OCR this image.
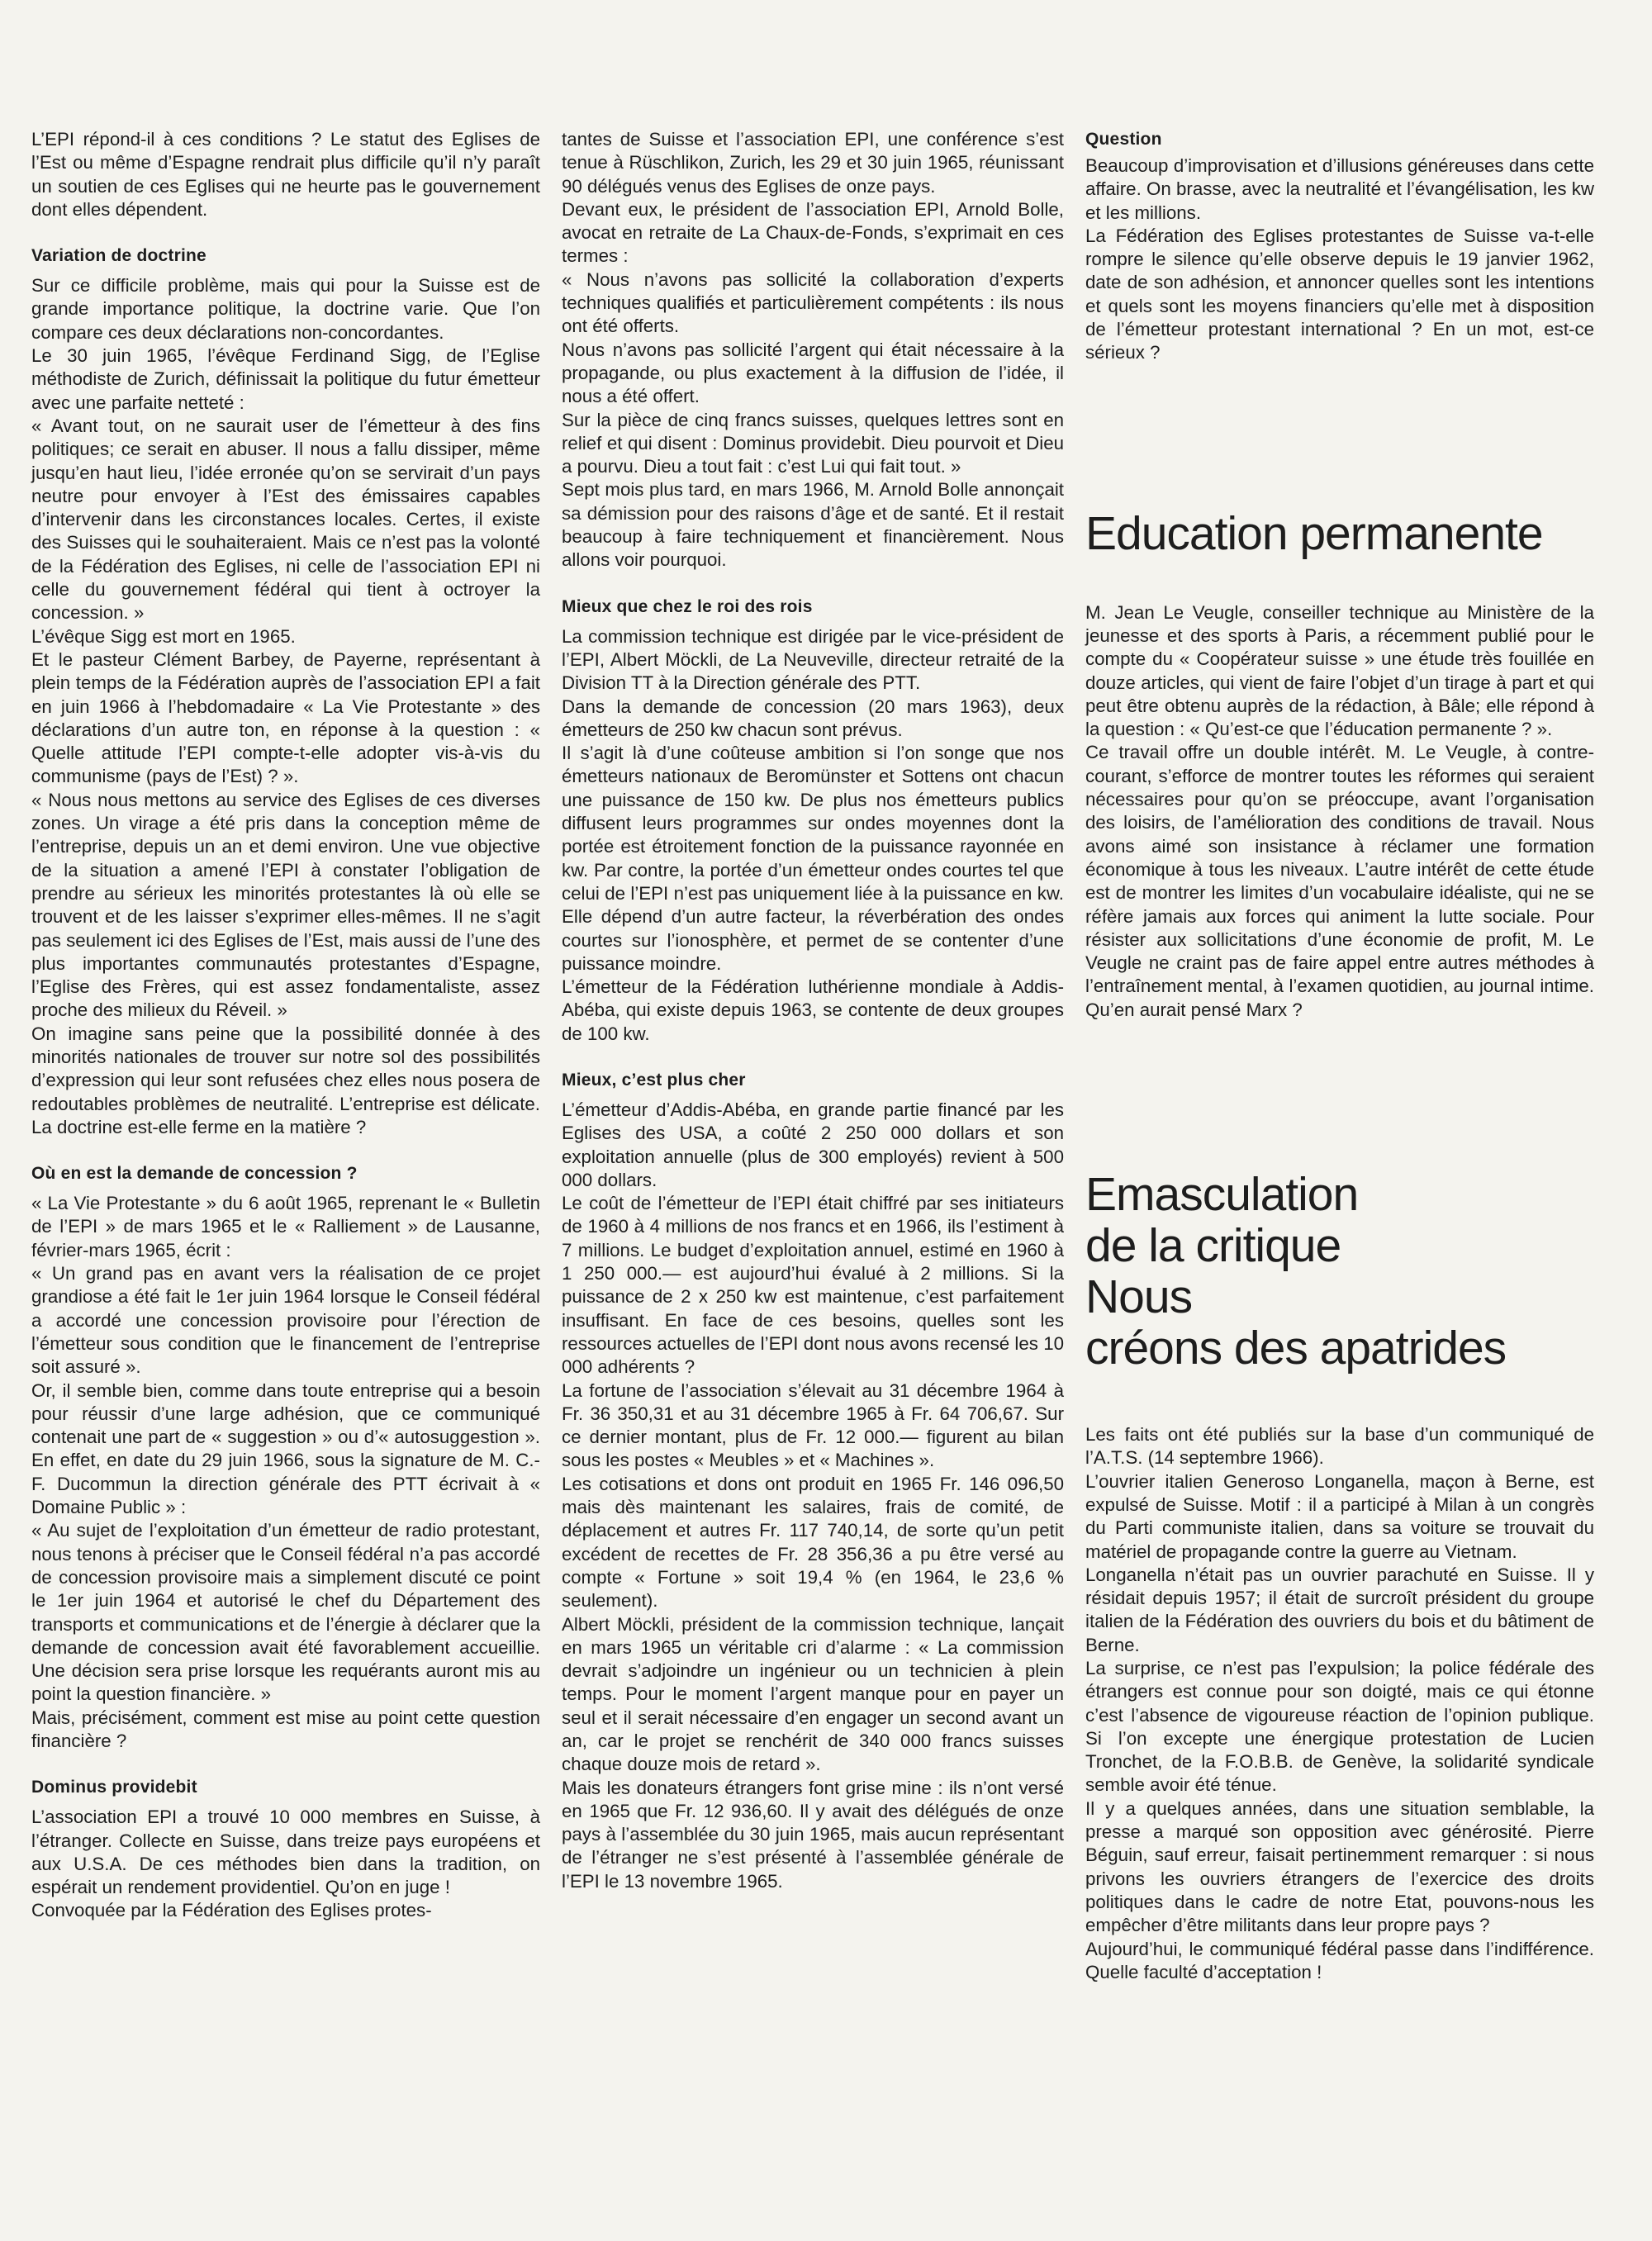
L’EPI répond-il à ces conditions ? Le statut des Eglises de l’Est ou même d’Espagne rendrait plus difficile qu’il n’y paraît un soutien de ces Eglises qui ne heurte pas le gouvernement dont elles dépendent.

Variation de doctrine

Sur ce difficile problème, mais qui pour la Suisse est de grande importance politique, la doctrine varie. Que l’on compare ces deux déclarations non-concordantes.

Le 30 juin 1965, l’évêque Ferdinand Sigg, de l’Eglise méthodiste de Zurich, définissait la politique du futur émetteur avec une parfaite netteté :

« Avant tout, on ne saurait user de l’émetteur à des fins politiques; ce serait en abuser. Il nous a fallu dissiper, même jusqu’en haut lieu, l’idée erronée qu’on se servirait d’un pays neutre pour envoyer à l’Est des émissaires capables d’intervenir dans les circonstances locales. Certes, il existe des Suisses qui le souhaiteraient. Mais ce n’est pas la volonté de la Fédération des Eglises, ni celle de l’association EPI ni celle du gouvernement fédéral qui tient à octroyer la concession. »

L’évêque Sigg est mort en 1965.

Et le pasteur Clément Barbey, de Payerne, représentant à plein temps de la Fédération auprès de l’association EPI a fait en juin 1966 à l’hebdomadaire « La Vie Protestante » des déclarations d’un autre ton, en réponse à la question : « Quelle attitude l’EPI compte-t-elle adopter vis-à-vis du communisme (pays de l’Est) ? ».

« Nous nous mettons au service des Eglises de ces diverses zones. Un virage a été pris dans la conception même de l’entreprise, depuis un an et demi environ. Une vue objective de la situation a amené l’EPI à constater l’obligation de prendre au sérieux les minorités protestantes là où elle se trouvent et de les laisser s’exprimer elles-mêmes. Il ne s’agit pas seulement ici des Eglises de l’Est, mais aussi de l’une des plus importantes communautés protestantes d’Espagne, l’Eglise des Frères, qui est assez fondamentaliste, assez proche des milieux du Réveil. »

On imagine sans peine que la possibilité donnée à des minorités nationales de trouver sur notre sol des possibilités d’expression qui leur sont refusées chez elles nous posera de redoutables problèmes de neutralité. L’entreprise est délicate. La doctrine est-elle ferme en la matière ?

Où en est la demande de concession ?

« La Vie Protestante » du 6 août 1965, reprenant le « Bulletin de l’EPI » de mars 1965 et le « Ralliement » de Lausanne, février-mars 1965, écrit :

« Un grand pas en avant vers la réalisation de ce projet grandiose a été fait le 1er juin 1964 lorsque le Conseil fédéral a accordé une concession provisoire pour l’érection de l’émetteur sous condition que le financement de l’entreprise soit assuré ».

Or, il semble bien, comme dans toute entreprise qui a besoin pour réussir d’une large adhésion, que ce communiqué contenait une part de « suggestion » ou d’« autosuggestion ». En effet, en date du 29 juin 1966, sous la signature de M. C.-F. Ducommun la direction générale des PTT écrivait à « Domaine Public » :

« Au sujet de l’exploitation d’un émetteur de radio protestant, nous tenons à préciser que le Conseil fédéral n’a pas accordé de concession provisoire mais a simplement discuté ce point le 1er juin 1964 et autorisé le chef du Département des transports et communications et de l’énergie à déclarer que la demande de concession avait été favorablement accueillie. Une décision sera prise lorsque les requérants auront mis au point la question financière. »

Mais, précisément, comment est mise au point cette question financière ?

Dominus providebit

L’association EPI a trouvé 10 000 membres en Suisse, à l’étranger. Collecte en Suisse, dans treize pays européens et aux U.S.A. De ces méthodes bien dans la tradition, on espérait un rendement providentiel. Qu’on en juge !

Convoquée par la Fédération des Eglises protes-

tantes de Suisse et l’association EPI, une conférence s’est tenue à Rüschlikon, Zurich, les 29 et 30 juin 1965, réunissant 90 délégués venus des Eglises de onze pays.

Devant eux, le président de l’association EPI, Arnold Bolle, avocat en retraite de La Chaux-de-Fonds, s’exprimait en ces termes :

« Nous n’avons pas sollicité la collaboration d’experts techniques qualifiés et particulièrement compétents : ils nous ont été offerts.

Nous n’avons pas sollicité l’argent qui était nécessaire à la propagande, ou plus exactement à la diffusion de l’idée, il nous a été offert.

Sur la pièce de cinq francs suisses, quelques lettres sont en relief et qui disent : Dominus providebit. Dieu pourvoit et Dieu a pourvu. Dieu a tout fait : c’est Lui qui fait tout. »

Sept mois plus tard, en mars 1966, M. Arnold Bolle annonçait sa démission pour des raisons d’âge et de santé. Et il restait beaucoup à faire techniquement et financièrement. Nous allons voir pourquoi.

Mieux que chez le roi des rois

La commission technique est dirigée par le vice-président de l’EPI, Albert Möckli, de La Neuveville, directeur retraité de la Division TT à la Direction générale des PTT.

Dans la demande de concession (20 mars 1963), deux émetteurs de 250 kw chacun sont prévus.

Il s’agit là d’une coûteuse ambition si l’on songe que nos émetteurs nationaux de Beromünster et Sottens ont chacun une puissance de 150 kw. De plus nos émetteurs publics diffusent leurs programmes sur ondes moyennes dont la portée est étroitement fonction de la puissance rayonnée en kw. Par contre, la portée d’un émetteur ondes courtes tel que celui de l’EPI n’est pas uniquement liée à la puissance en kw. Elle dépend d’un autre facteur, la réverbération des ondes courtes sur l’ionosphère, et permet de se contenter d’une puissance moindre.

L’émetteur de la Fédération luthérienne mondiale à Addis-Abéba, qui existe depuis 1963, se contente de deux groupes de 100 kw.

Mieux, c’est plus cher

L’émetteur d’Addis-Abéba, en grande partie financé par les Eglises des USA, a coûté 2 250 000 dollars et son exploitation annuelle (plus de 300 employés) revient à 500 000 dollars.

Le coût de l’émetteur de l’EPI était chiffré par ses initiateurs de 1960 à 4 millions de nos francs et en 1966, ils l’estiment à 7 millions. Le budget d’exploitation annuel, estimé en 1960 à 1 250 000.— est aujourd’hui évalué à 2 millions. Si la puissance de 2 x 250 kw est maintenue, c’est parfaitement insuffisant. En face de ces besoins, quelles sont les ressources actuelles de l’EPI dont nous avons recensé les 10 000 adhérents ?

La fortune de l’association s’élevait au 31 décembre 1964 à Fr. 36 350,31 et au 31 décembre 1965 à Fr. 64 706,67. Sur ce dernier montant, plus de Fr. 12 000.— figurent au bilan sous les postes « Meubles » et « Machines ».

Les cotisations et dons ont produit en 1965 Fr. 146 096,50 mais dès maintenant les salaires, frais de comité, de déplacement et autres Fr. 117 740,14, de sorte qu’un petit excédent de recettes de Fr. 28 356,36 a pu être versé au compte « Fortune » soit 19,4 % (en 1964, le 23,6 % seulement).

Albert Möckli, président de la commission technique, lançait en mars 1965 un véritable cri d’alarme : « La commission devrait s’adjoindre un ingénieur ou un technicien à plein temps. Pour le moment l’argent manque pour en payer un seul et il serait nécessaire d’en engager un second avant un an, car le projet se renchérit de 340 000 francs suisses chaque douze mois de retard ».

Mais les donateurs étrangers font grise mine : ils n’ont versé en 1965 que Fr. 12 936,60. Il y avait des délégués de onze pays à l’assemblée du 30 juin 1965, mais aucun représentant de l’étranger ne s’est présenté à l’assemblée générale de l’EPI le 13 novembre 1965.

Question

Beaucoup d’improvisation et d’illusions généreuses dans cette affaire. On brasse, avec la neutralité et l’évangélisation, les kw et les millions.

La Fédération des Eglises protestantes de Suisse va-t-elle rompre le silence qu’elle observe depuis le 19 janvier 1962, date de son adhésion, et annoncer quelles sont les intentions et quels sont les moyens financiers qu’elle met à disposition de l’émetteur protestant international ? En un mot, est-ce sérieux ?

Education permanente

M. Jean Le Veugle, conseiller technique au Ministère de la jeunesse et des sports à Paris, a récemment publié pour le compte du « Coopérateur suisse » une étude très fouillée en douze articles, qui vient de faire l’objet d’un tirage à part et qui peut être obtenu auprès de la rédaction, à Bâle; elle répond à la question : « Qu’est-ce que l’éducation permanente ? ».

Ce travail offre un double intérêt. M. Le Veugle, à contre-courant, s’efforce de montrer toutes les réformes qui seraient nécessaires pour qu’on se préoccupe, avant l’organisation des loisirs, de l’amélioration des conditions de travail. Nous avons aimé son insistance à réclamer une formation économique à tous les niveaux. L’autre intérêt de cette étude est de montrer les limites d’un vocabulaire idéaliste, qui ne se réfère jamais aux forces qui animent la lutte sociale. Pour résister aux sollicitations d’une économie de profit, M. Le Veugle ne craint pas de faire appel entre autres méthodes à l’entraînement mental, à l’examen quotidien, au journal intime. Qu’en aurait pensé Marx ?

Emasculation
de la critique
Nous
créons des apatrides

Les faits ont été publiés sur la base d’un communiqué de l’A.T.S. (14 septembre 1966).

L’ouvrier italien Generoso Longanella, maçon à Berne, est expulsé de Suisse. Motif : il a participé à Milan à un congrès du Parti communiste italien, dans sa voiture se trouvait du matériel de propagande contre la guerre au Vietnam.

Longanella n’était pas un ouvrier parachuté en Suisse. Il y résidait depuis 1957; il était de surcroît président du groupe italien de la Fédération des ouvriers du bois et du bâtiment de Berne.

La surprise, ce n’est pas l’expulsion; la police fédérale des étrangers est connue pour son doigté, mais ce qui étonne c’est l’absence de vigoureuse réaction de l’opinion publique. Si l’on excepte une énergique protestation de Lucien Tronchet, de la F.O.B.B. de Genève, la solidarité syndicale semble avoir été ténue.

Il y a quelques années, dans une situation semblable, la presse a marqué son opposition avec générosité. Pierre Béguin, sauf erreur, faisait pertinemment remarquer : si nous privons les ouvriers étrangers de l’exercice des droits politiques dans le cadre de notre Etat, pouvons-nous les empêcher d’être militants dans leur propre pays ?

Aujourd’hui, le communiqué fédéral passe dans l’indifférence. Quelle faculté d’acceptation !
